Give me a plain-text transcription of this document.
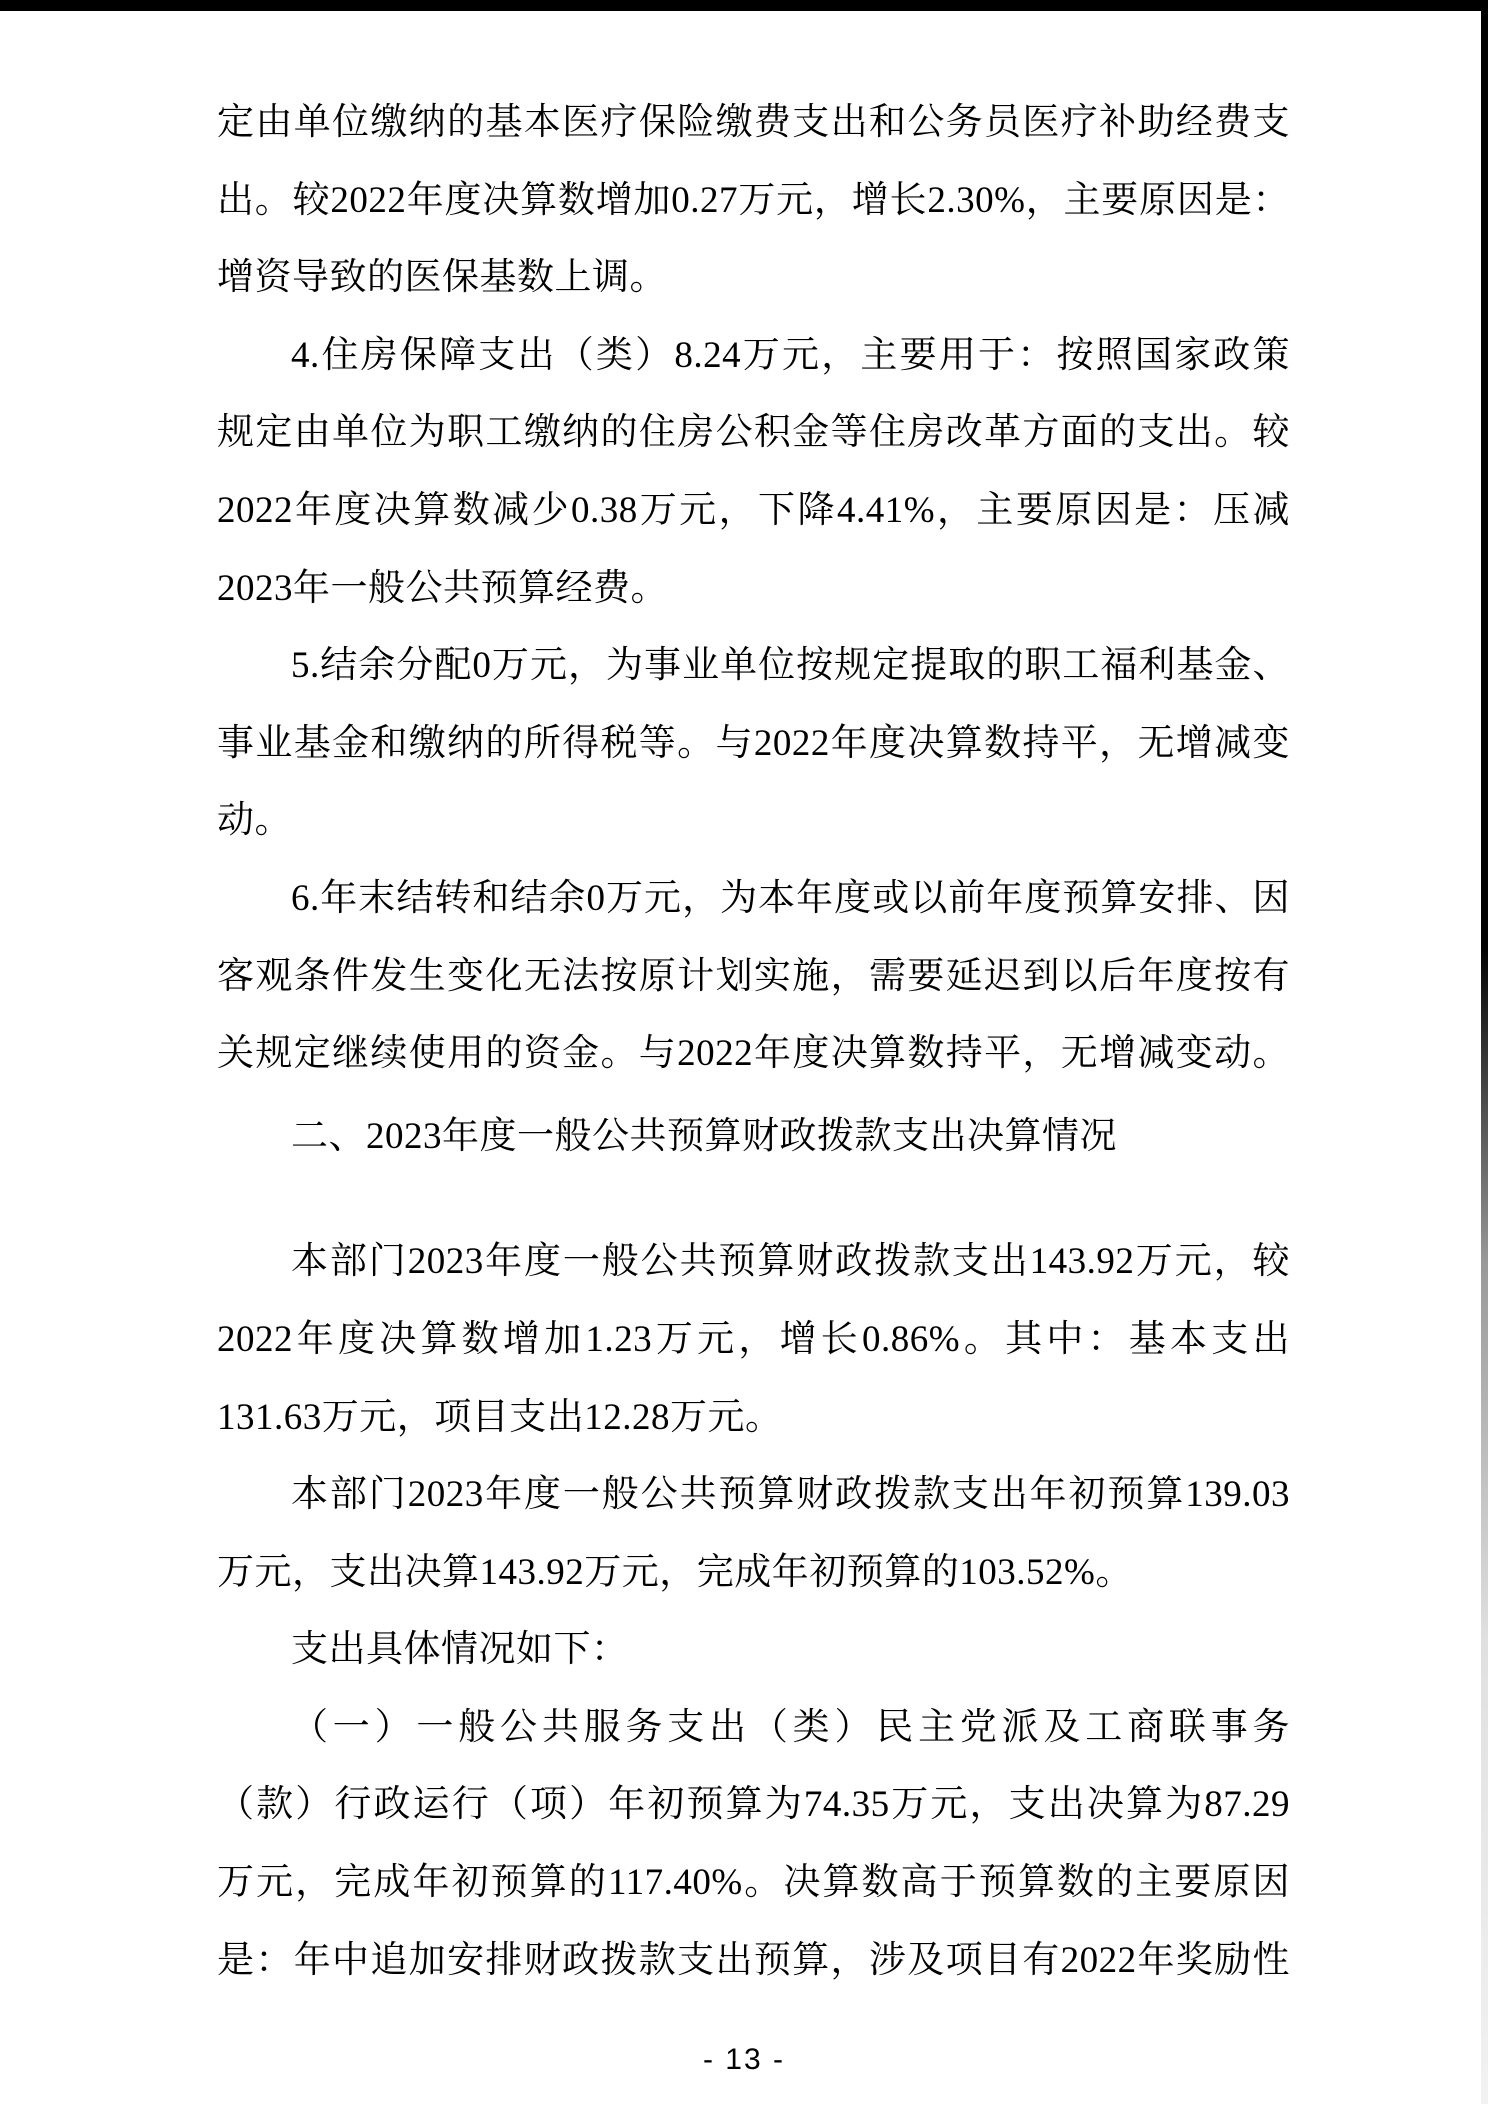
定由单位缴纳的基本医疗保险缴费支出和公务员医疗补助经费支
出。较2022年度决算数增加0.27万元，增长2.30%，主要原因是：
增资导致的医保基数上调。
4.住房保障支出（类）8.24万元，主要用于：按照国家政策
规定由单位为职工缴纳的住房公积金等住房改革方面的支出。较
2022年度决算数减少0.38万元，下降4.41%，主要原因是：压减
2023年一般公共预算经费。
5.结余分配0万元，为事业单位按规定提取的职工福利基金、
事业基金和缴纳的所得税等。与2022年度决算数持平，无增减变
动。
6.年末结转和结余0万元，为本年度或以前年度预算安排、因
客观条件发生变化无法按原计划实施，需要延迟到以后年度按有
关规定继续使用的资金。与2022年度决算数持平，无增减变动。
二、2023年度一般公共预算财政拨款支出决算情况
本部门2023年度一般公共预算财政拨款支出143.92万元，较
2022年度决算数增加1.23万元，增长0.86%。其中：基本支出
131.63万元，项目支出12.28万元。
本部门2023年度一般公共预算财政拨款支出年初预算139.03
万元，支出决算143.92万元，完成年初预算的103.52%。
支出具体情况如下：
（一）一般公共服务支出（类）民主党派及工商联事务
（款）行政运行（项）年初预算为74.35万元，支出决算为87.29
万元，完成年初预算的117.40%。决算数高于预算数的主要原因
是：年中追加安排财政拨款支出预算，涉及项目有2022年奖励性
- 13 -
